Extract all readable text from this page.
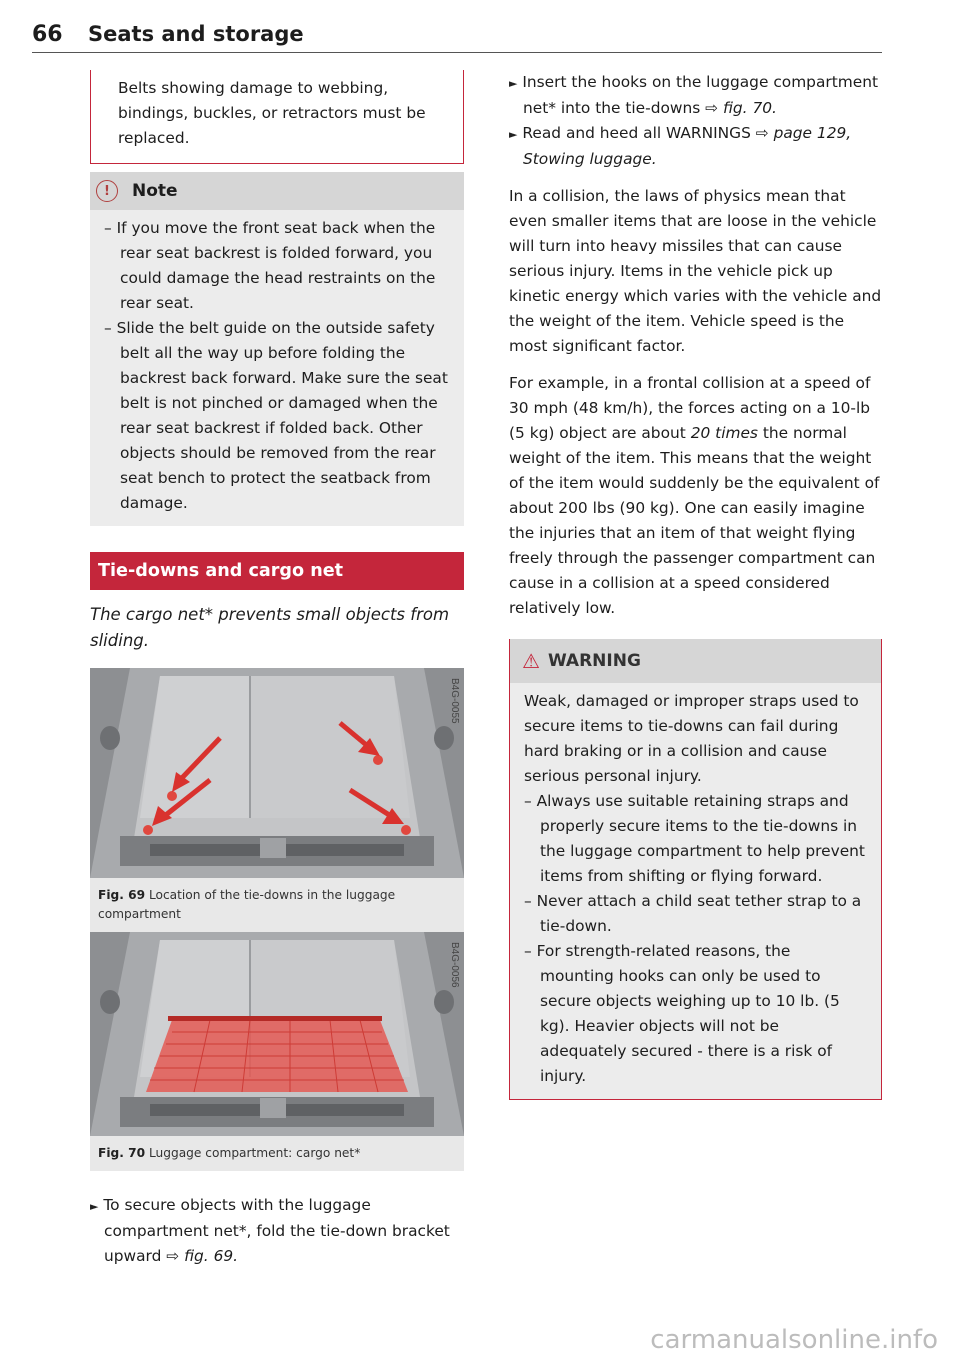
66 Seats and storage
Belts showing damage to webbing, bindings, buckles, or retractors must be replaced.
!	Note
– If you move the front seat back when the rear seat backrest is folded forward, you could damage the head restraints on the rear seat.
– Slide the belt guide on the outside safety belt all the way up before folding the backrest back forward. Make sure the seat belt is not pinched or damaged when the rear seat backrest if folded back. Other objects should be removed from the rear seat bench to protect the seatback from damage.
Tie-downs and cargo net
The cargo net* prevents small objects from sliding.
B4G-0055
Fig. 69 Location of the tie-downs in the luggage compartment
B4G-0056
Fig. 70 Luggage compartment: cargo net*
► To secure objects with the luggage compartment net*, fold the tie-down bracket upward ⇨ fig. 69.
► Insert the hooks on the luggage compartment net* into the tie-downs ⇨ fig. 70.
► Read and heed all WARNINGS ⇨ page 129, Stowing luggage.
In a collision, the laws of physics mean that even smaller items that are loose in the vehicle will turn into heavy missiles that can cause serious injury. Items in the vehicle pick up kinetic energy which varies with the vehicle and the weight of the item. Vehicle speed is the most significant factor.
For example, in a frontal collision at a speed of 30 mph (48 km/h), the forces acting on a 10-lb (5 kg) object are about 20 times the normal weight of the item. This means that the weight of the item would suddenly be the equivalent of about 200 lbs (90 kg). One can easily imagine the injuries that an item of that weight flying freely through the passenger compartment can cause in a collision at a speed considered relatively low.
⚠ WARNING
Weak, damaged or improper straps used to secure items to tie-downs can fail during hard braking or in a collision and cause serious personal injury.
– Always use suitable retaining straps and properly secure items to the tie-downs in the luggage compartment to help prevent items from shifting or flying forward.
– Never attach a child seat tether strap to a tie-down.
– For strength-related reasons, the mounting hooks can only be used to secure objects weighing up to 10 lb. (5 kg). Heavier objects will not be adequately secured - there is a risk of injury.
carmanualsonline.info
